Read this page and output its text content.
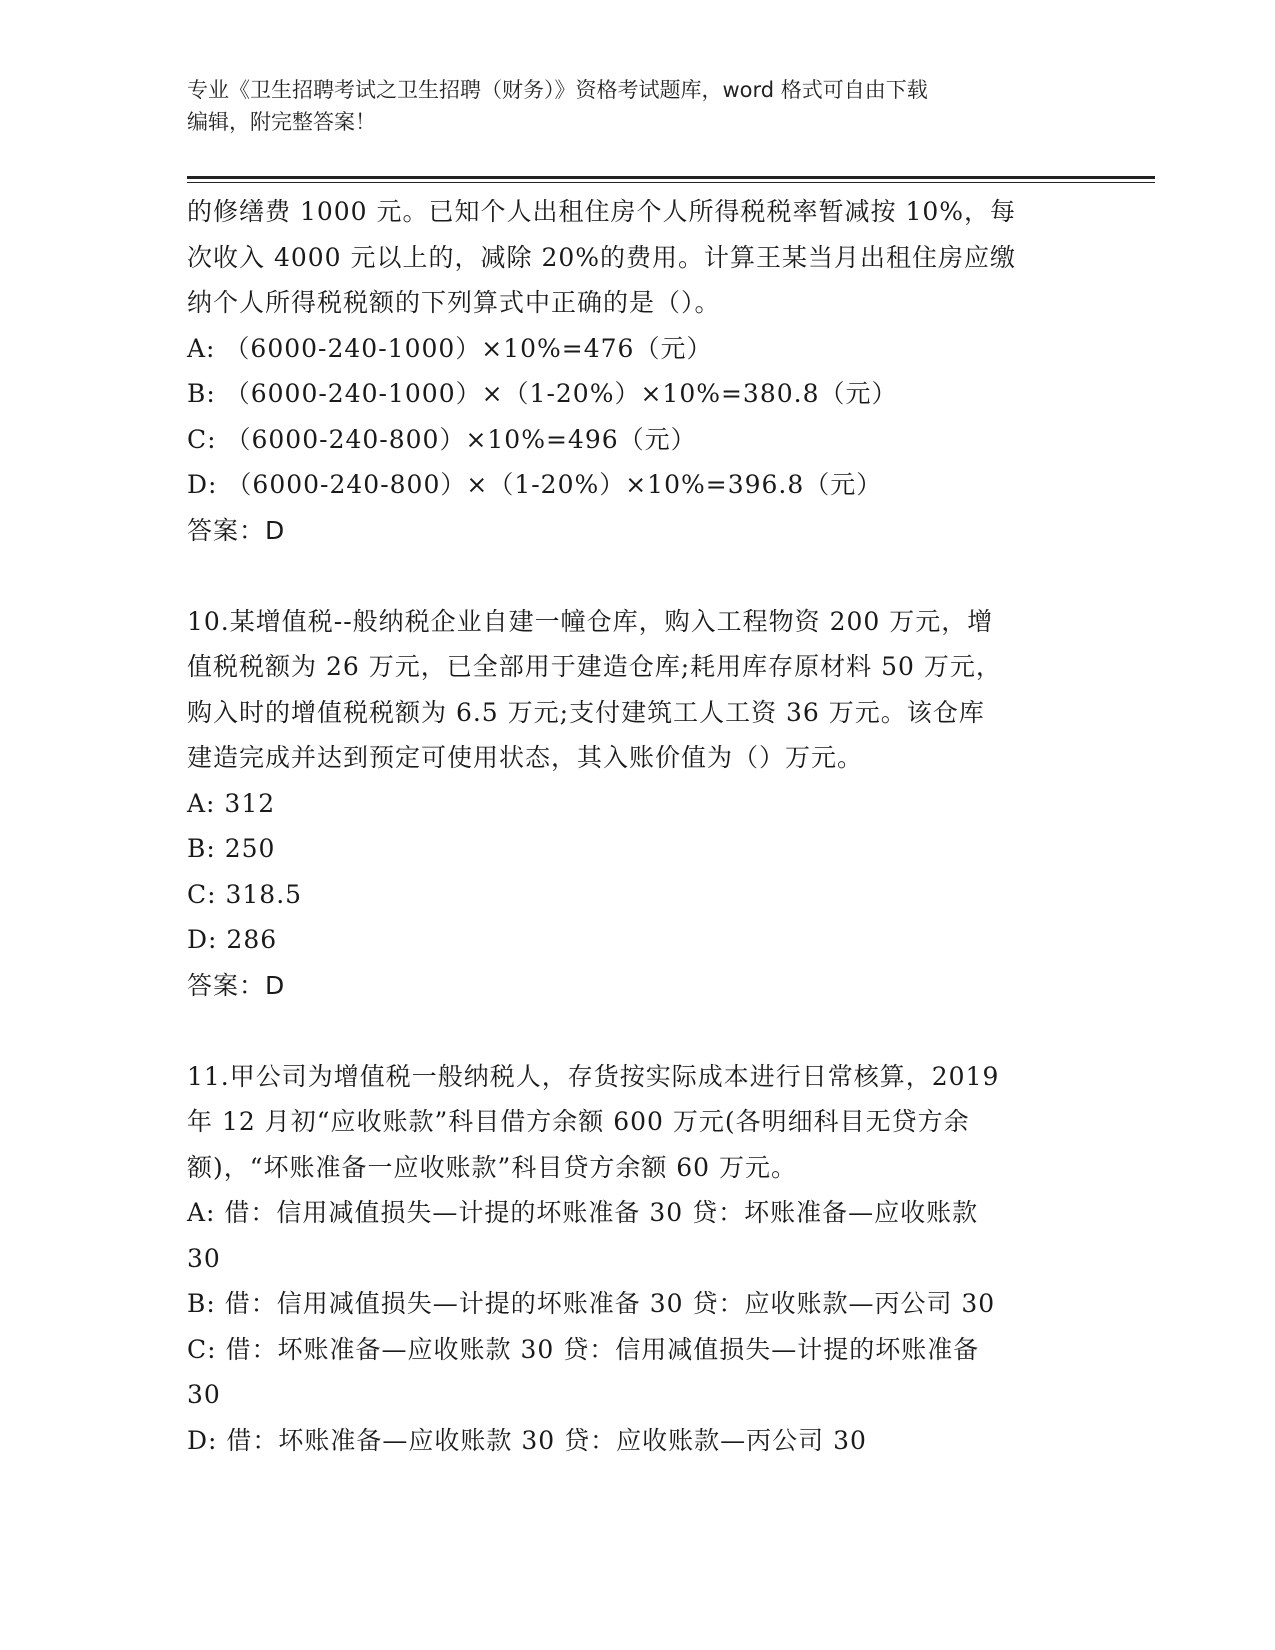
专业《卫生招聘考试之卫生招聘（财务）》资格考试题库，word 格式可自由下载
编辑，附完整答案！
的修缮费 1000 元。已知个人出租住房个人所得税税率暂减按 10%，每
次收入 4000 元以上的，减除 20%的费用。计算王某当月出租住房应缴
纳个人所得税税额的下列算式中正确的是（）。
A: （6000-240-1000）×10%=476（元）
B: （6000-240-1000）×（1-20%）×10%=380.8（元）
C: （6000-240-800）×10%=496（元）
D: （6000-240-800）×（1-20%）×10%=396.8（元）
答案：D
10.某增值税--般纳税企业自建一幢仓库，购入工程物资 200 万元，增
值税税额为 26 万元，已全部用于建造仓库;耗用库存原材料 50 万元，
购入时的增值税税额为 6.5 万元;支付建筑工人工资 36 万元。该仓库
建造完成并达到预定可使用状态，其入账价值为（）万元。
A: 312
B: 250
C: 318.5
D: 286
答案：D
11.甲公司为增值税一般纳税人，存货按实际成本进行日常核算，2019
年 12 月初“应收账款”科目借方余额 600 万元(各明细科目无贷方余
额)，“坏账准备一应收账款”科目贷方余额 60 万元。
A: 借：信用减值损失—计提的坏账准备 30 贷：坏账准备—应收账款
30
B: 借：信用减值损失—计提的坏账准备 30 贷：应收账款—丙公司 30
C: 借：坏账准备—应收账款 30 贷：信用减值损失—计提的坏账准备
30
D: 借：坏账准备—应收账款 30 贷：应收账款—丙公司 30
